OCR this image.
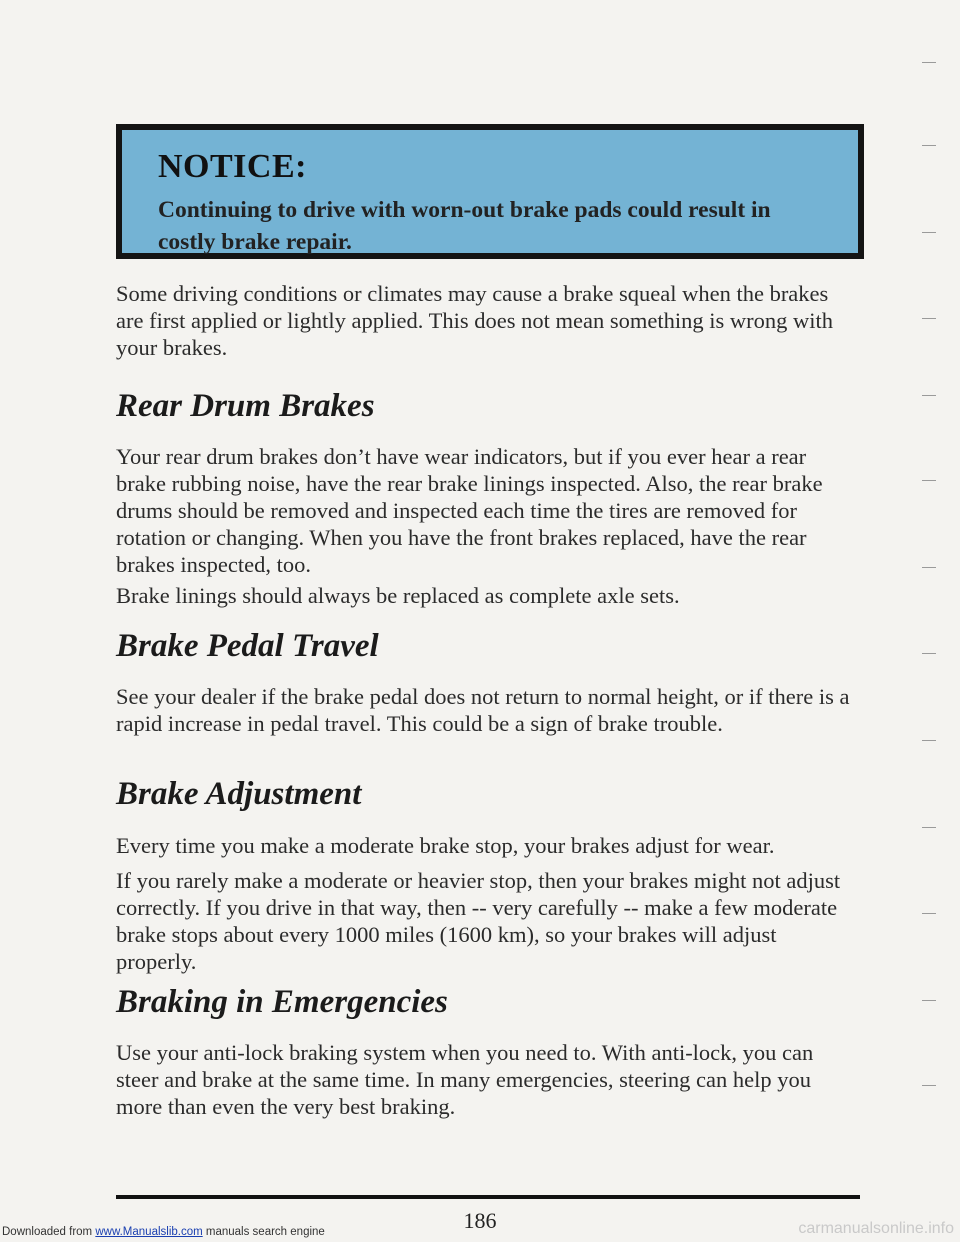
NOTICE:
Continuing to drive with worn-out brake pads could result in costly brake repair.

Some driving conditions or climates may cause a brake squeal when the brakes are first applied or lightly applied. This does not mean something is wrong with your brakes.

Rear Drum Brakes

Your rear drum brakes don’t have wear indicators, but if you ever hear a rear brake rubbing noise, have the rear brake linings inspected. Also, the rear brake drums should be removed and inspected each time the tires are removed for rotation or changing. When you have the front brakes replaced, have the rear brakes inspected, too.

Brake linings should always be replaced as complete axle sets.

Brake Pedal Travel

See your dealer if the brake pedal does not return to normal height, or if there is a rapid increase in pedal travel. This could be a sign of brake trouble.

Brake Adjustment

Every time you make a moderate brake stop, your brakes adjust for wear.

If you rarely make a moderate or heavier stop, then your brakes might not adjust correctly. If you drive in that way, then -- very carefully -- make a few moderate brake stops about every 1000 miles (1600 km), so your brakes will adjust properly.

Braking in Emergencies

Use your anti-lock braking system when you need to. With anti-lock, you can steer and brake at the same time. In many emergencies, steering can help you more than even the very best braking.

186
Downloaded from www.Manualslib.com manuals search engine	carmanualsonline.info
